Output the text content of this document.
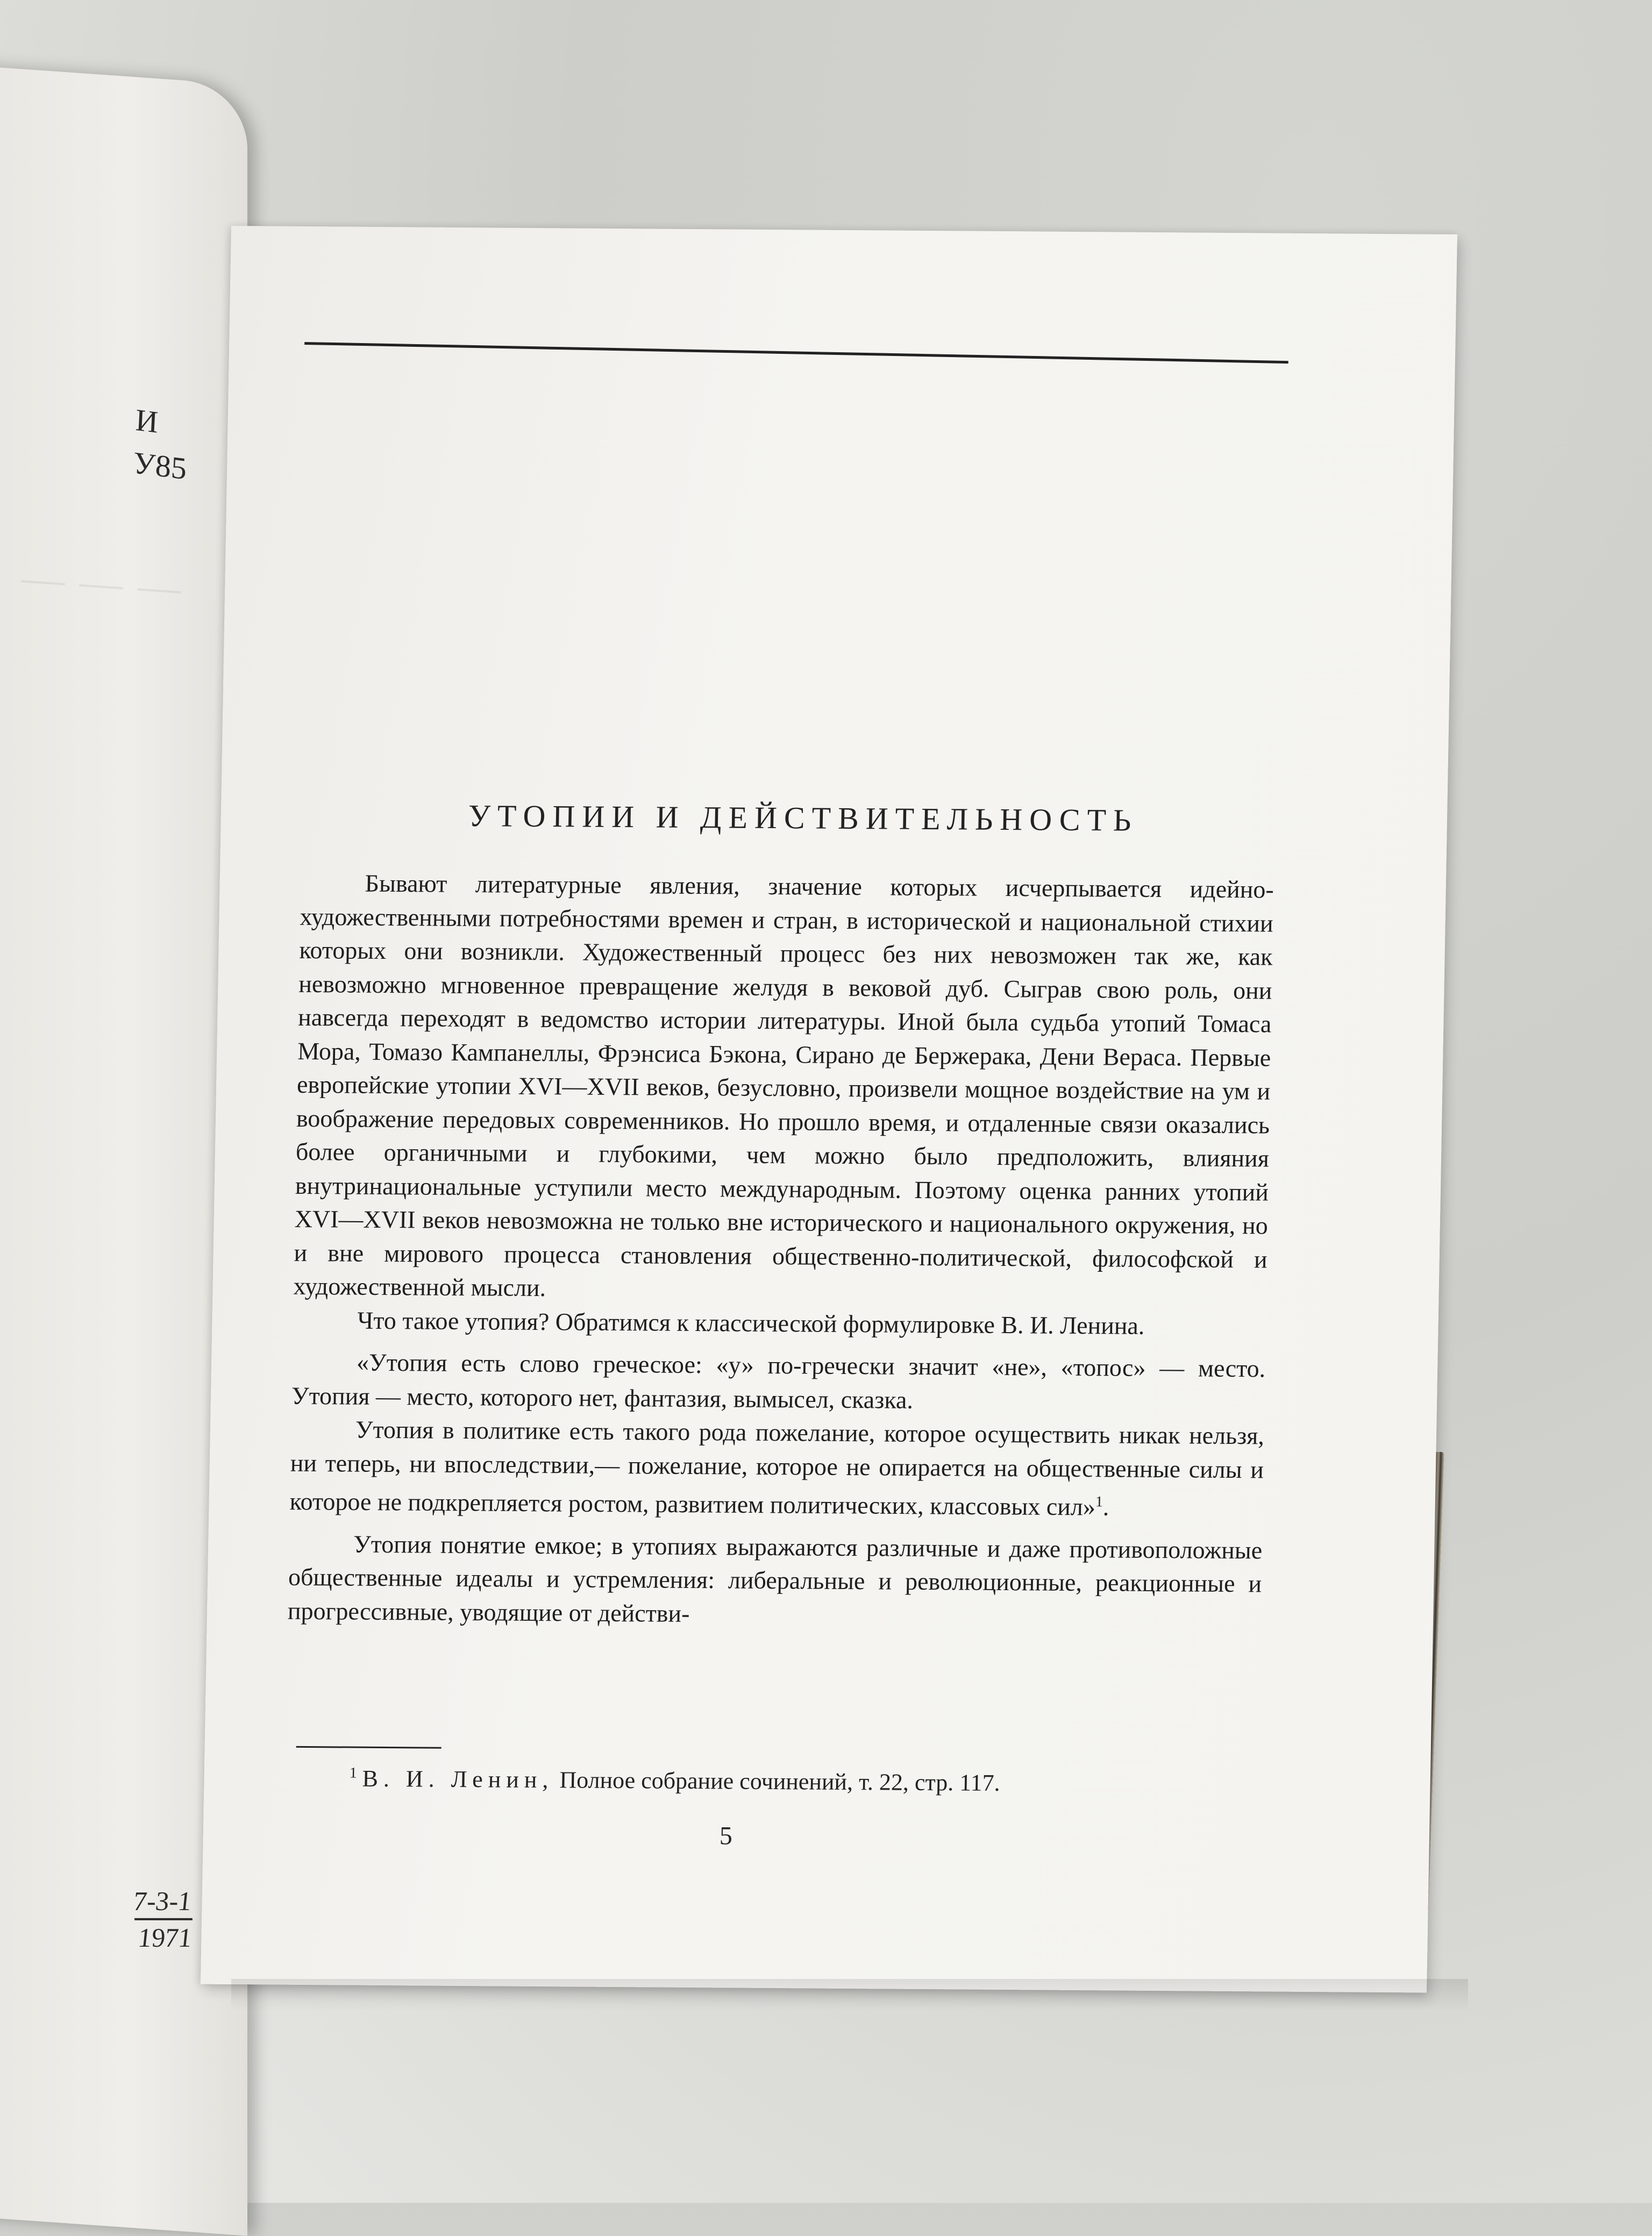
— — —
И
У85
7-3-1
1971
УТОПИИ И ДЕЙСТВИТЕЛЬНОСТЬ

Бывают литературные явления, значение которых исчерпывается идейно-художественными потребностями времен и стран, в исторической и национальной стихии которых они возникли. Художественный процесс без них невозможен так же, как невозможно мгновенное превращение желудя в вековой дуб. Сыграв свою роль, они навсегда переходят в ведомство истории литературы. Иной была судьба утопий Томаса Мора, Томазо Кампанеллы, Фрэнсиса Бэкона, Сирано де Бержерака, Дени Вераса. Первые европейские утопии XVI—XVII веков, безусловно, произвели мощное воздействие на ум и воображение передовых современников. Но прошло время, и отдаленные связи оказались более органичными и глубокими, чем можно было предположить, влияния внутринациональные уступили место международным. Поэтому оценка ранних утопий XVI—XVII веков невозможна не только вне исторического и национального окружения, но и вне мирового процесса становления общественно-политической, философской и художественной мысли.

Что такое утопия? Обратимся к классической формулировке В. И. Ленина.

«Утопия есть слово греческое: «у» по-гречески значит «не», «топос» — место. Утопия — место, которого нет, фантазия, вымысел, сказка.

Утопия в политике есть такого рода пожелание, которое осуществить никак нельзя, ни теперь, ни впоследствии,— пожелание, которое не опирается на общественные силы и которое не подкрепляется ростом, развитием политических, классовых сил»$^1$.

Утопия понятие емкое; в утопиях выражаются различные и даже противоположные общественные идеалы и устремления: либеральные и революционные, реакционные и прогрессивные, уводящие от действи-

$^1$ В. И. Ленин, Полное собрание сочинений, т. 22, стр. 117.
5
